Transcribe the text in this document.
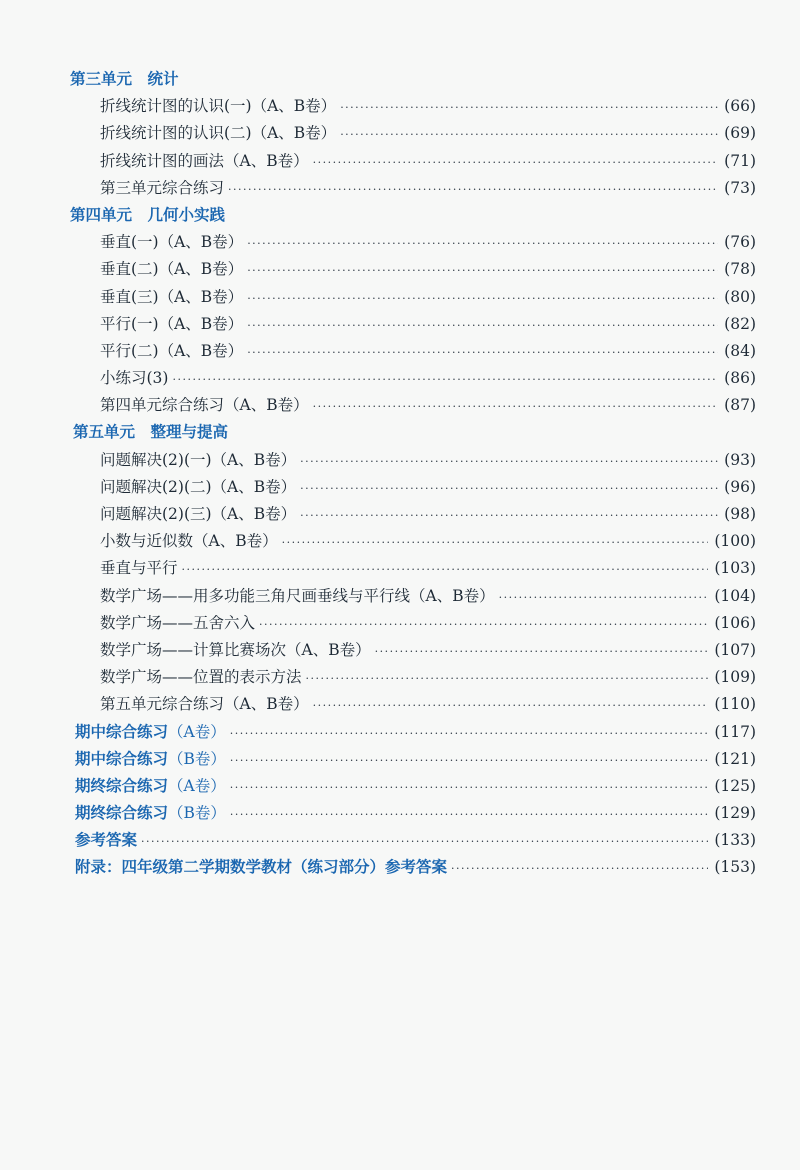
第三单元　统计
折线统计图的认识(一)（A、B卷） ·····	(66)
折线统计图的认识(二)（A、B卷） ·····	(69)
折线统计图的画法（A、B卷） ·····	(71)
第三单元综合练习 ·····	(73)
第四单元　几何小实践
垂直(一)（A、B卷） ·····	(76)
垂直(二)（A、B卷） ·····	(78)
垂直(三)（A、B卷） ·····	(80)
平行(一)（A、B卷） ·····	(82)
平行(二)（A、B卷） ·····	(84)
小练习(3) ·····	(86)
第四单元综合练习（A、B卷） ·····	(87)
第五单元　整理与提高
问题解决(2)(一)（A、B卷） ·····	(93)
问题解决(2)(二)（A、B卷） ·····	(96)
问题解决(2)(三)（A、B卷） ·····	(98)
小数与近似数（A、B卷） ·····	(100)
垂直与平行 ·····	(103)
数学广场——用多功能三角尺画垂线与平行线（A、B卷） ·····	(104)
数学广场——五舍六入 ·····	(106)
数学广场——计算比赛场次（A、B卷） ·····	(107)
数学广场——位置的表示方法 ·····	(109)
第五单元综合练习（A、B卷） ·····	(110)
期中综合练习（A卷） ·····	(117)
期中综合练习（B卷） ·····	(121)
期终综合练习（A卷） ·····	(125)
期终综合练习（B卷） ·····	(129)
参考答案 ·····	(133)
附录：四年级第二学期数学教材（练习部分）参考答案 ·····	(153)
